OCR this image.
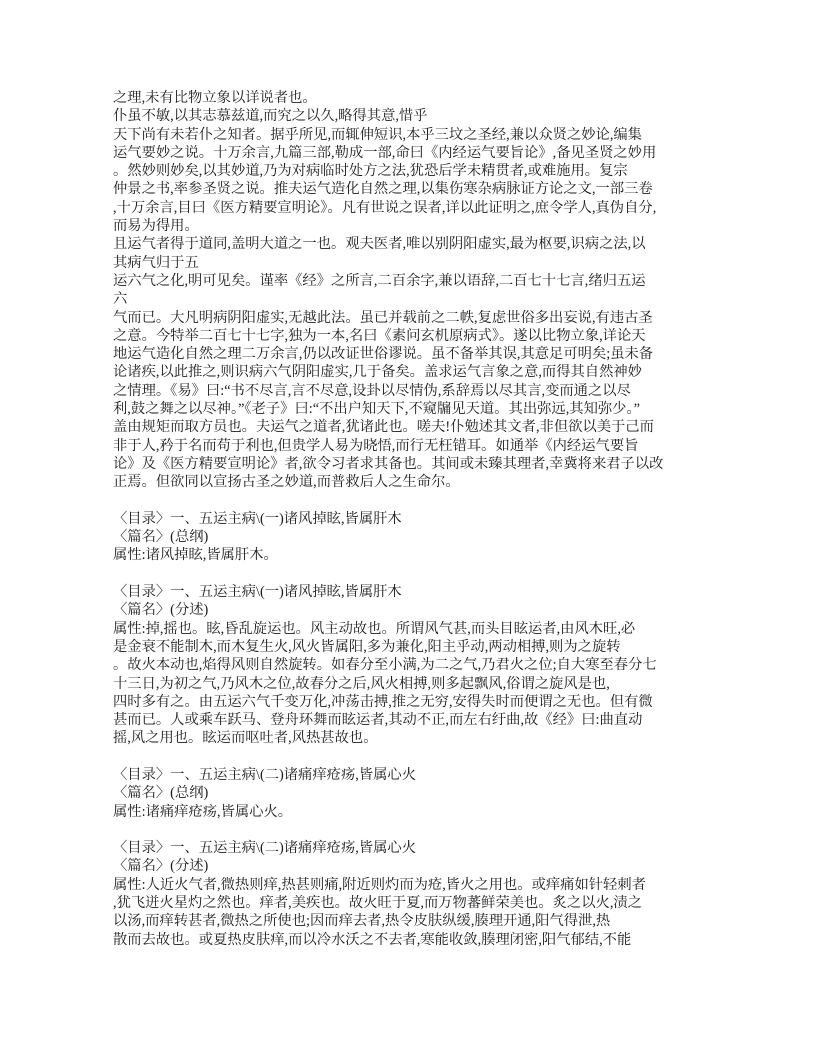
之理,未有比物立象以详说者也。
仆虽不敏,以其志慕兹道,而究之以久,略得其意,惜乎
天下尚有未若仆之知者。据乎所见,而辄伸短识,本乎三坟之圣经,兼以众贤之妙论,编集
运气要妙之说。十万余言,九篇三部,勒成一部,命曰《内经运气要旨论》,备见圣贤之妙用
。然妙则妙矣,以其妙道,乃为对病临时处方之法,犹恐后学未精贯者,或难施用。复宗
仲景之书,率参圣贤之说。推夫运气造化自然之理,以集伤寒杂病脉证方论之文,一部三卷
,十万余言,目曰《医方精要宣明论》。凡有世说之误者,详以此证明之,庶令学人,真伪自分,
而易为得用。
且运气者得于道同,盖明大道之一也。观夫医者,唯以别阴阳虚实,最为枢要,识病之法,以
其病气归于五
运六气之化,明可见矣。谨率《经》之所言,二百余字,兼以语辞,二百七十七言,绪归五运
六
气而已。大凡明病阴阳虚实,无越此法。虽已并载前之二帙,复虑世俗多出妄说,有违古圣
之意。今特举二百七十七字,独为一本,名曰《素问玄机原病式》。遂以比物立象,详论天
地运气造化自然之理二万余言,仍以改证世俗谬说。虽不备举其误,其意足可明矣;虽未备
论诸疾,以此推之,则识病六气阴阳虚实,几于备矣。盖求运气言象之意,而得其自然神妙
之情理。《易》曰:“书不尽言,言不尽意,设卦以尽情伪,系辞焉以尽其言,变而通之以尽
利,鼓之舞之以尽神。”《老子》曰:“不出户知天下,不窥牖见天道。其出弥远,其知弥少。”
盖由规矩而取方员也。夫运气之道者,犹诸此也。嗟夫!仆勉述其文者,非但欲以美于己而
非于人,矜于名而苟于利也,但贵学人易为晓悟,而行无枉错耳。如通举《内经运气要旨
论》及《医方精要宣明论》者,欲令习者求其备也。其间或未臻其理者,幸冀将来君子以改
正焉。但欲同以宣扬古圣之妙道,而普救后人之生命尔。
〈目录〉一、五运主病\(一)诸风掉眩,皆属肝木
〈篇名〉(总纲)
属性:诸风掉眩,皆属肝木。
〈目录〉一、五运主病\(一)诸风掉眩,皆属肝木
〈篇名〉(分述)
属性:掉,摇也。眩,昏乱旋运也。风主动故也。所谓风气甚,而头目眩运者,由风木旺,必
是金衰不能制木,而木复生火,风火皆属阳,多为兼化,阳主乎动,两动相搏,则为之旋转
。故火本动也,焰得风则自然旋转。如春分至小满,为二之气,乃君火之位;自大寒至春分七
十三日,为初之气,乃风木之位,故春分之后,风火相搏,则多起飘风,俗谓之旋风是也,
四时多有之。由五运六气千变万化,冲荡击搏,推之无穷,安得失时而便谓之无也。但有微
甚而已。人或乘车跃马、登舟环舞而眩运者,其动不正,而左右纡曲,故《经》曰:曲直动
摇,风之用也。眩运而呕吐者,风热甚故也。
〈目录〉一、五运主病\(二)诸痛痒疮疡,皆属心火
〈篇名〉(总纲)
属性:诸痛痒疮疡,皆属心火。
〈目录〉一、五运主病\(二)诸痛痒疮疡,皆属心火
〈篇名〉(分述)
属性:人近火气者,微热则痒,热甚则痛,附近则灼而为疮,皆火之用也。或痒痛如针轻刺者
,犹飞迸火星灼之然也。痒者,美疾也。故火旺于夏,而万物蕃鲜荣美也。炙之以火,渍之
以汤,而痒转甚者,微热之所使也;因而痒去者,热令皮肤纵缓,腠理开通,阳气得泄,热
散而去故也。或夏热皮肤痒,而以冷水沃之不去者,寒能收敛,腠理闭密,阳气郁结,不能
